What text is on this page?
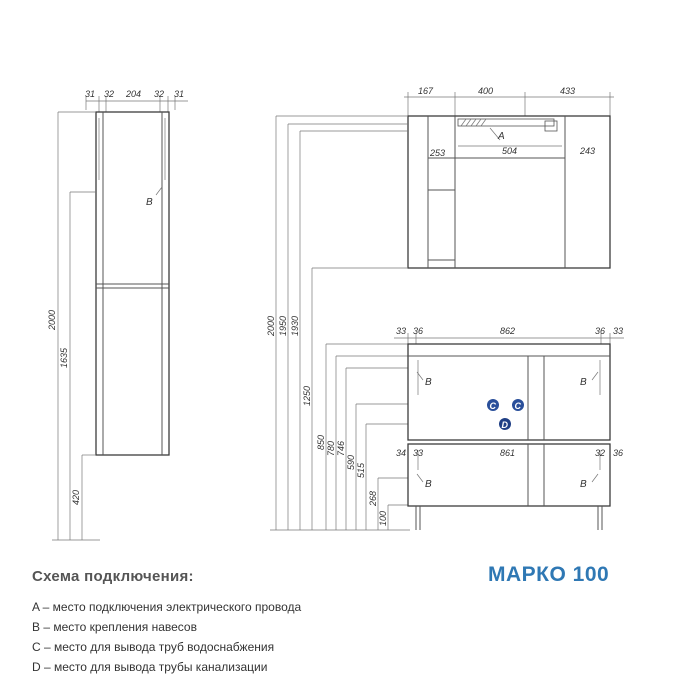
31 32 204 32 31
B
2000
1635
420
167	400	433
A
253	504	243
2000 1950 1930
1250
850 780 746
590
515
268
100
33 36	862	36 33
B	B
C C
D
34 33	861	32 36
B	B
Схема подключения:
A – место подключения электрического провода
B – место крепления навесов
C – место для вывода труб водоснабжения
D – место для вывода трубы канализации
МАРКО 100
